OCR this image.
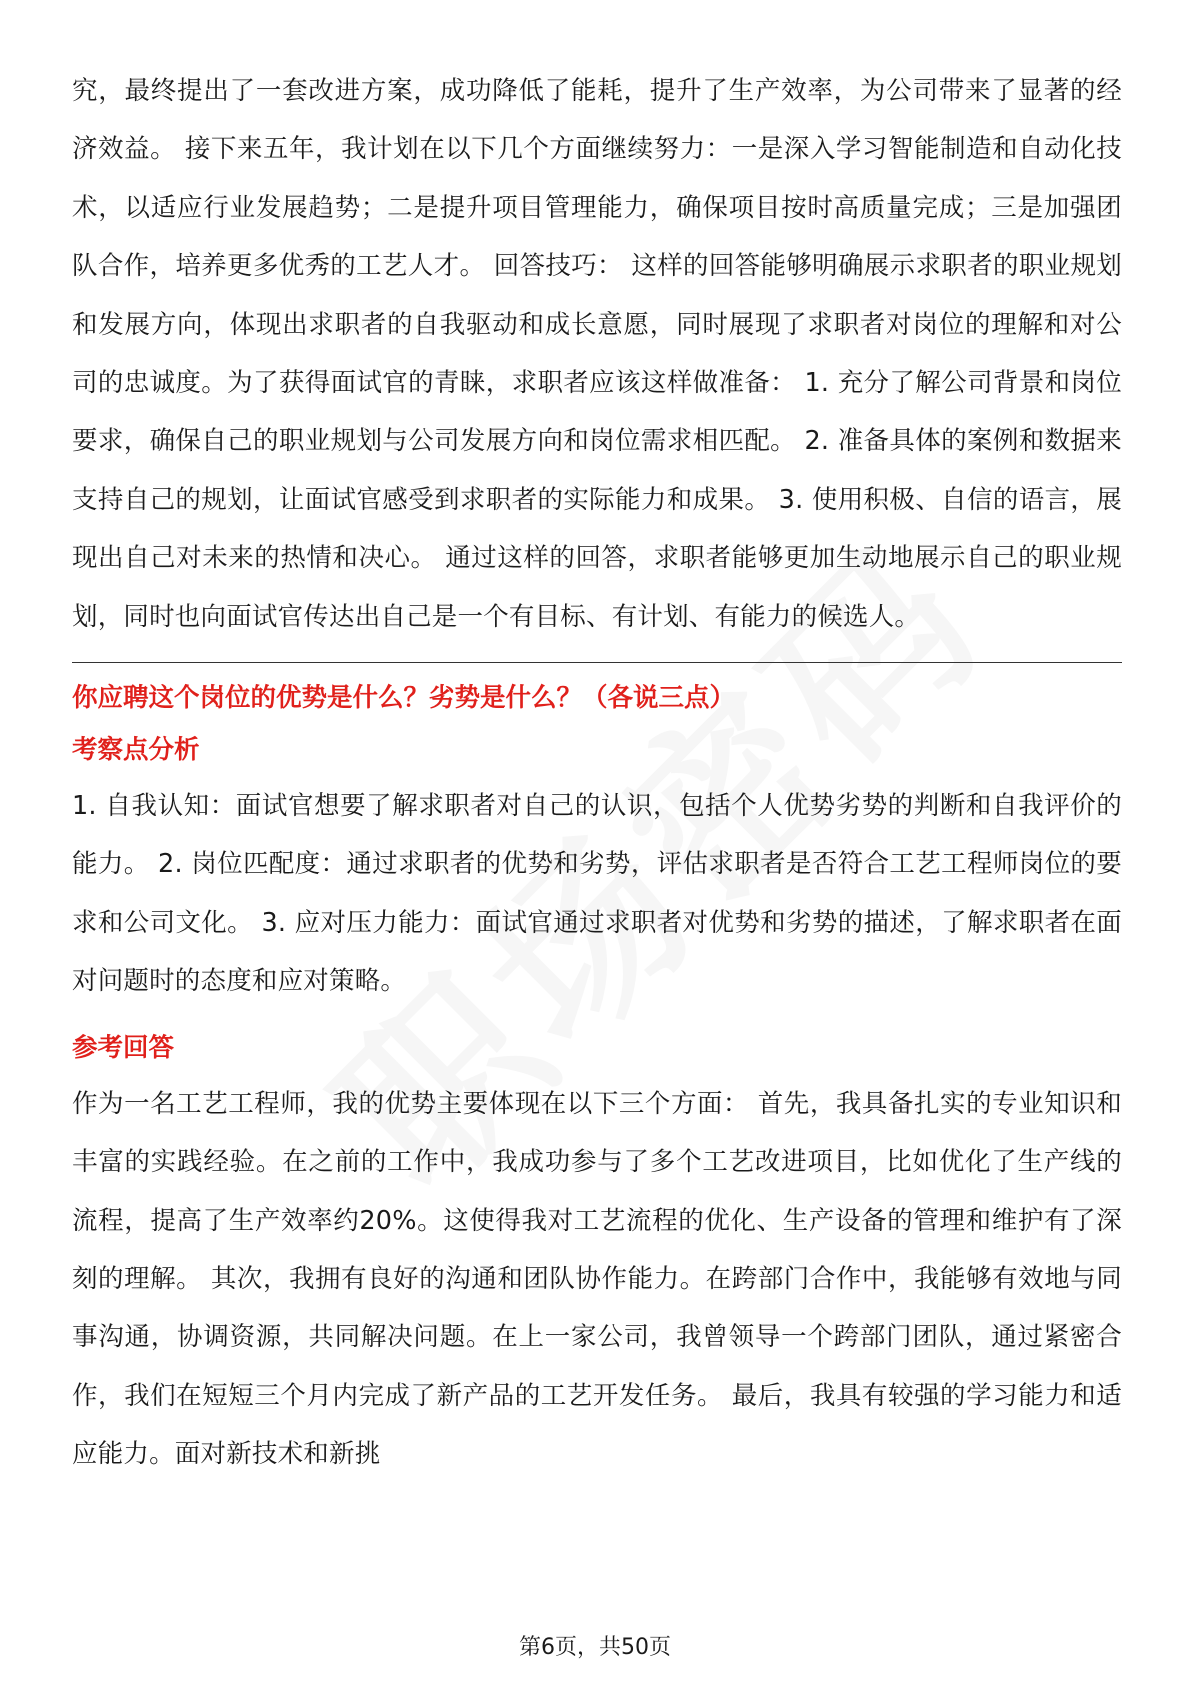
究，最终提出了一套改进方案，成功降低了能耗，提升了生产效率，为公司带来了显著的经济效益。 接下来五年，我计划在以下几个方面继续努力：一是深入学习智能制造和自动化技术，以适应行业发展趋势；二是提升项目管理能力，确保项目按时高质量完成；三是加强团队合作，培养更多优秀的工艺人才。 回答技巧： 这样的回答能够明确展示求职者的职业规划和发展方向，体现出求职者的自我驱动和成长意愿，同时展现了求职者对岗位的理解和对公司的忠诚度。为了获得面试官的青睐，求职者应该这样做准备： 1. 充分了解公司背景和岗位要求，确保自己的职业规划与公司发展方向和岗位需求相匹配。 2. 准备具体的案例和数据来支持自己的规划，让面试官感受到求职者的实际能力和成果。 3. 使用积极、自信的语言，展现出自己对未来的热情和决心。 通过这样的回答，求职者能够更加生动地展示自己的职业规划，同时也向面试官传达出自己是一个有目标、有计划、有能力的候选人。

你应聘这个岗位的优势是什么？劣势是什么？（各说三点）

考察点分析

1. 自我认知：面试官想要了解求职者对自己的认识，包括个人优势劣势的判断和自我评价的能力。 2. 岗位匹配度：通过求职者的优势和劣势，评估求职者是否符合工艺工程师岗位的要求和公司文化。 3. 应对压力能力：面试官通过求职者对优势和劣势的描述，了解求职者在面对问题时的态度和应对策略。

参考回答

作为一名工艺工程师，我的优势主要体现在以下三个方面： 首先，我具备扎实的专业知识和丰富的实践经验。在之前的工作中，我成功参与了多个工艺改进项目，比如优化了生产线的流程，提高了生产效率约20%。这使得我对工艺流程的优化、生产设备的管理和维护有了深刻的理解。 其次，我拥有良好的沟通和团队协作能力。在跨部门合作中，我能够有效地与同事沟通，协调资源，共同解决问题。在上一家公司，我曾领导一个跨部门团队，通过紧密合作，我们在短短三个月内完成了新产品的工艺开发任务。 最后，我具有较强的学习能力和适应能力。面对新技术和新挑

第6页，共50页
